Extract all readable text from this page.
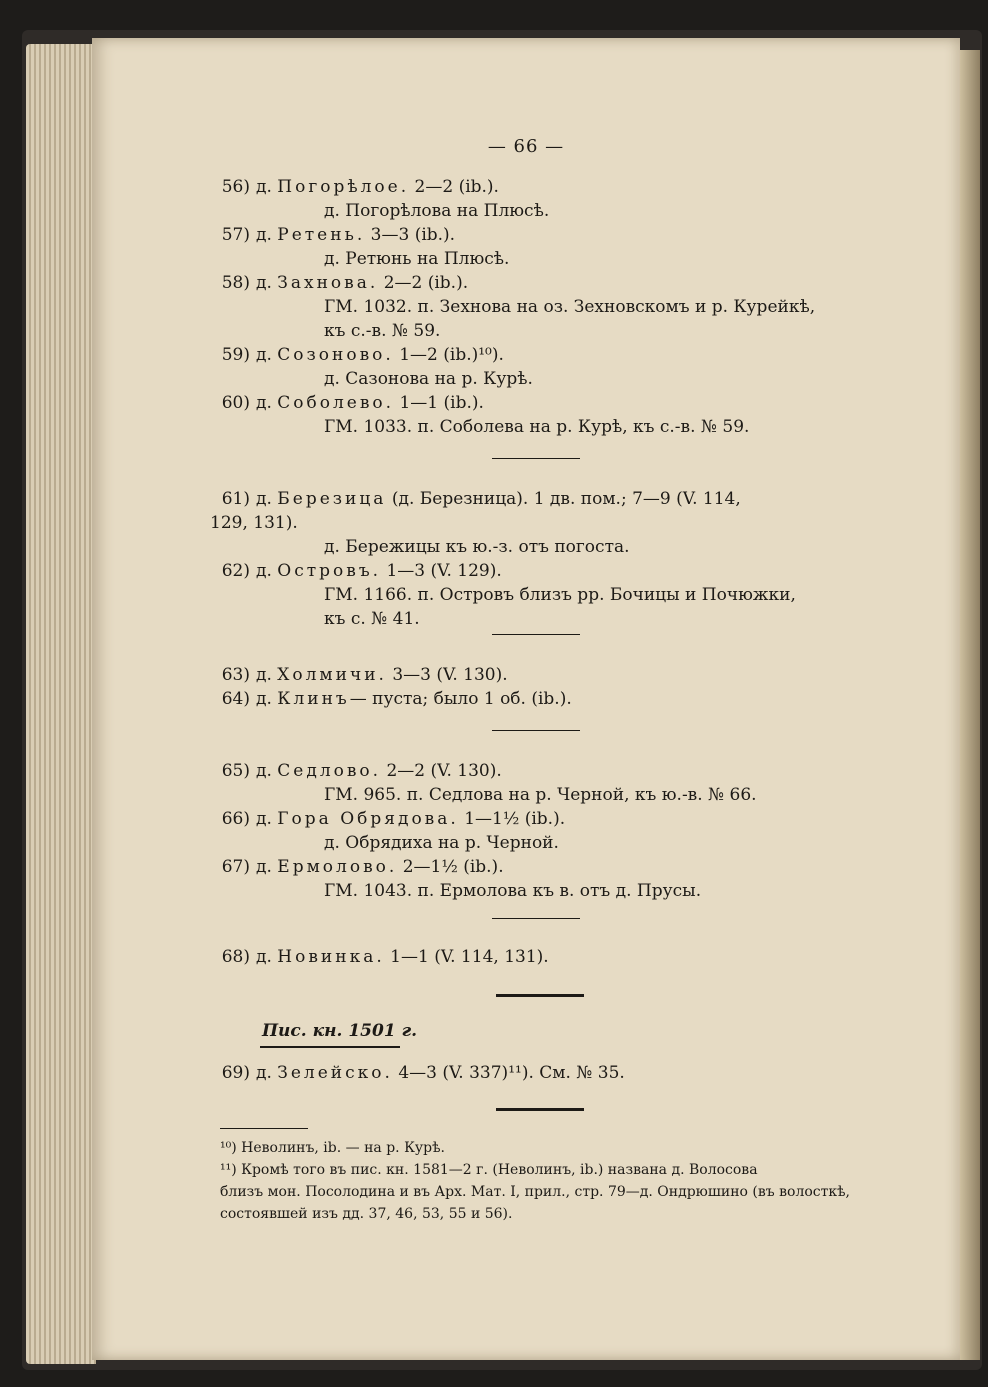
— 66 —
56) д. Погорѣлое. 2—2 (ib.).
д. Погорѣлова на Плюсѣ.
57) д. Ретень. 3—3 (ib.).
д. Ретюнь на Плюсѣ.
58) д. Захнова. 2—2 (ib.).
ГМ. 1032. п. Зехнова на оз. Зехновскомъ и р. Курейкѣ,
къ с.-в. № 59.
59) д. Созоново. 1—2 (ib.)¹⁰).
д. Сазонова на р. Курѣ.
60) д. Соболево. 1—1 (ib.).
ГМ. 1033. п. Соболева на р. Курѣ, къ с.-в. № 59.
61) д. Березица (д. Березница). 1 дв. пом.; 7—9 (V. 114,
129, 131).
д. Бережицы къ ю.-з. отъ погоста.
62) д. Островъ. 1—3 (V. 129).
ГМ. 1166. п. Островъ близъ рр. Бочицы и Почюжки,
къ с. № 41.
63) д. Холмичи. 3—3 (V. 130).
64) д. Клинъ— пуста; было 1 об. (ib.).
65) д. Седлово. 2—2 (V. 130).
ГМ. 965. п. Седлова на р. Черной, къ ю.-в. № 66.
66) д. Гора Обрядова. 1—1½ (ib.).
д. Обрядиха на р. Черной.
67) д. Ермолово. 2—1½ (ib.).
ГМ. 1043. п. Ермолова къ в. отъ д. Прусы.
68) д. Новинка. 1—1 (V. 114, 131).
Пис. кн. 1501 г.
69) д. Зелейско. 4—3 (V. 337)¹¹). См. № 35.
¹⁰) Неволинъ, ib. — на р. Курѣ.
¹¹) Кромѣ того въ пис. кн. 1581—2 г. (Неволинъ, ib.) названа д. Волосова
близъ мон. Посолодина и въ Арх. Мат. I, прил., стр. 79—д. Ондрюшино (въ волосткѣ,
состоявшей изъ дд. 37, 46, 53, 55 и 56).
